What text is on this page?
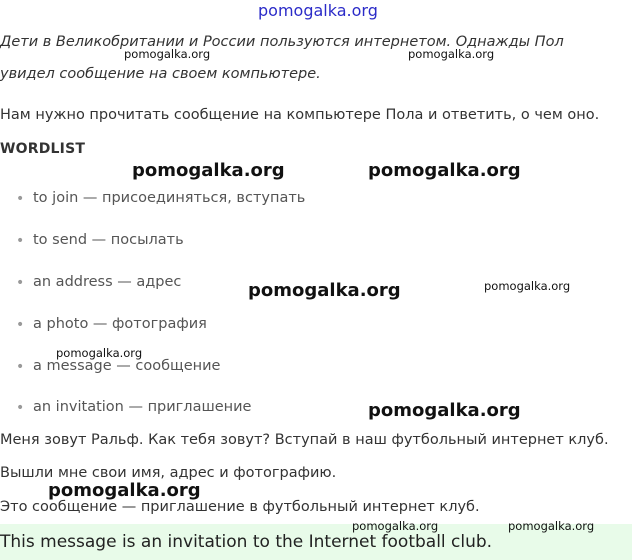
pomogalka.org
Дети в Великобритании и России пользуются интернетом. Однажды Пол
увидел сообщение на своем компьютере.
Нам нужно прочитать сообщение на компьютере Пола и ответить, о чем оно.
WORDLIST
• to join — присоединяться, вступать
• to send — посылать
• an address — адрес
• a photo — фотография
• a message — сообщение
• an invitation — приглашение
Меня зовут Ральф. Как тебя зовут? Вступай в наш футбольный интернет клуб.
Вышли мне свои имя, адрес и фотографию.
Это сообщение — приглашение в футбольный интернет клуб.
This message is an invitation to the Internet football club.
pomogalka.org	pomogalka.org
pomogalka.org	pomogalka.org
pomogalka.org	pomogalka.org
pomogalka.org
pomogalka.org
pomogalka.org
pomogalka.org	pomogalka.org
